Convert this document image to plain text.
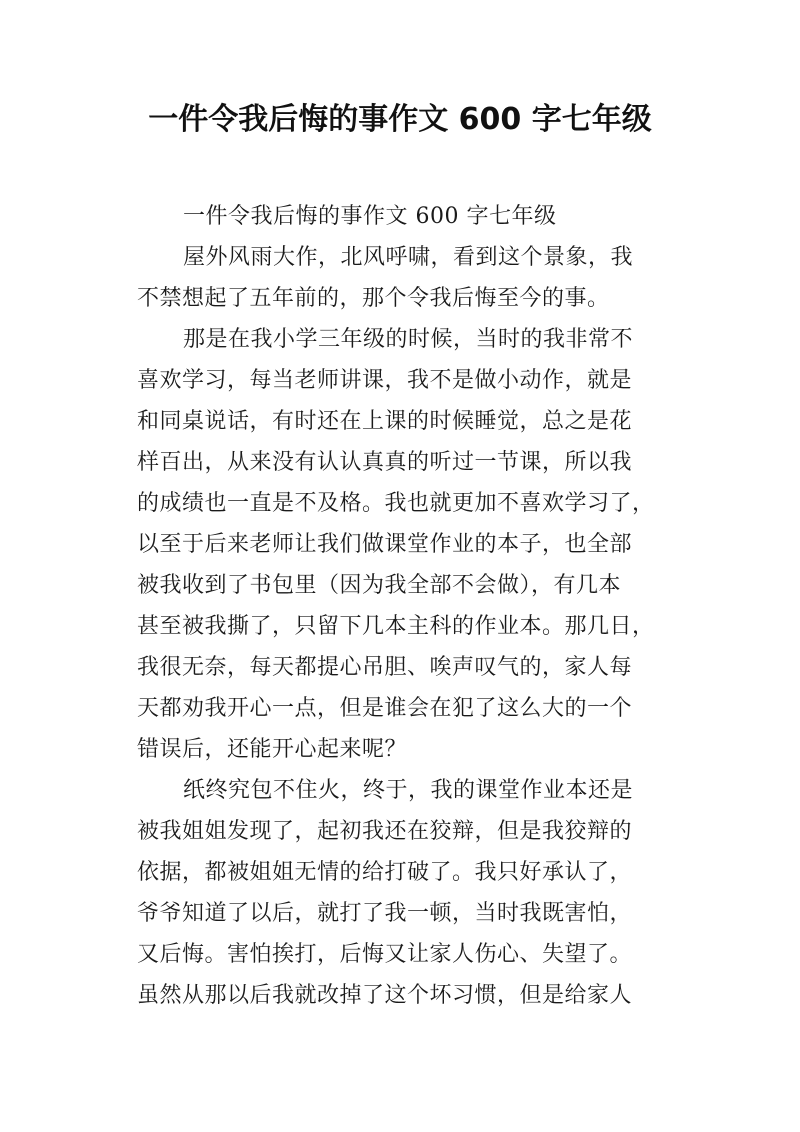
一件令我后悔的事作文 600 字七年级
一件令我后悔的事作文 600 字七年级
屋外风雨大作，北风呼啸，看到这个景象，我
不禁想起了五年前的，那个令我后悔至今的事。
那是在我小学三年级的时候，当时的我非常不
喜欢学习，每当老师讲课，我不是做小动作，就是
和同桌说话，有时还在上课的时候睡觉，总之是花
样百出，从来没有认认真真的听过一节课，所以我
的成绩也一直是不及格。我也就更加不喜欢学习了，
以至于后来老师让我们做课堂作业的本子，也全部
被我收到了书包里（因为我全部不会做），有几本
甚至被我撕了，只留下几本主科的作业本。那几日，
我很无奈，每天都提心吊胆、唉声叹气的，家人每
天都劝我开心一点，但是谁会在犯了这么大的一个
错误后，还能开心起来呢？
纸终究包不住火，终于，我的课堂作业本还是
被我姐姐发现了，起初我还在狡辩，但是我狡辩的
依据，都被姐姐无情的给打破了。我只好承认了，
爷爷知道了以后，就打了我一顿，当时我既害怕，
又后悔。害怕挨打，后悔又让家人伤心、失望了。
虽然从那以后我就改掉了这个坏习惯，但是给家人
